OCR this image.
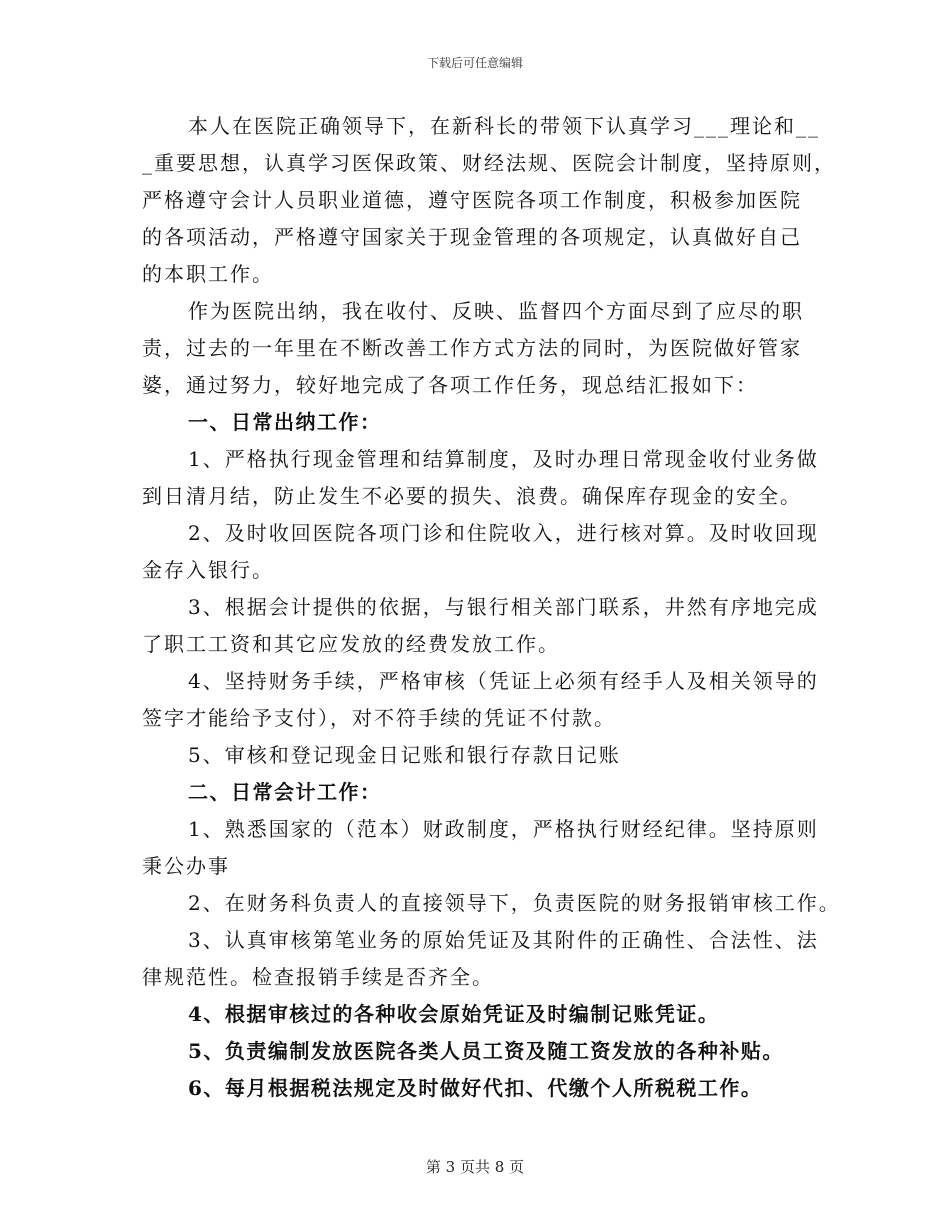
下载后可任意编辑
本人在医院正确领导下，在新科长的带领下认真学习___理论和__
_重要思想，认真学习医保政策、财经法规、医院会计制度，坚持原则，
严格遵守会计人员职业道德，遵守医院各项工作制度，积极参加医院
的各项活动，严格遵守国家关于现金管理的各项规定，认真做好自己
的本职工作。
作为医院出纳，我在收付、反映、监督四个方面尽到了应尽的职
责，过去的一年里在不断改善工作方式方法的同时，为医院做好管家
婆，通过努力，较好地完成了各项工作任务，现总结汇报如下：
一、日常出纳工作：
1、严格执行现金管理和结算制度，及时办理日常现金收付业务做
到日清月结，防止发生不必要的损失、浪费。确保库存现金的安全。
2、及时收回医院各项门诊和住院收入，进行核对算。及时收回现
金存入银行。
3、根据会计提供的依据，与银行相关部门联系，井然有序地完成
了职工工资和其它应发放的经费发放工作。
4、坚持财务手续，严格审核（凭证上必须有经手人及相关领导的
签字才能给予支付），对不符手续的凭证不付款。
5、审核和登记现金日记账和银行存款日记账
二、日常会计工作：
1、熟悉国家的（范本）财政制度，严格执行财经纪律。坚持原则
秉公办事
2、在财务科负责人的直接领导下，负责医院的财务报销审核工作。
3、认真审核第笔业务的原始凭证及其附件的正确性、合法性、法
律规范性。检查报销手续是否齐全。
4、根据审核过的各种收会原始凭证及时编制记账凭证。
5、负责编制发放医院各类人员工资及随工资发放的各种补贴。
6、每月根据税法规定及时做好代扣、代缴个人所税税工作。
第 3 页共 8 页
